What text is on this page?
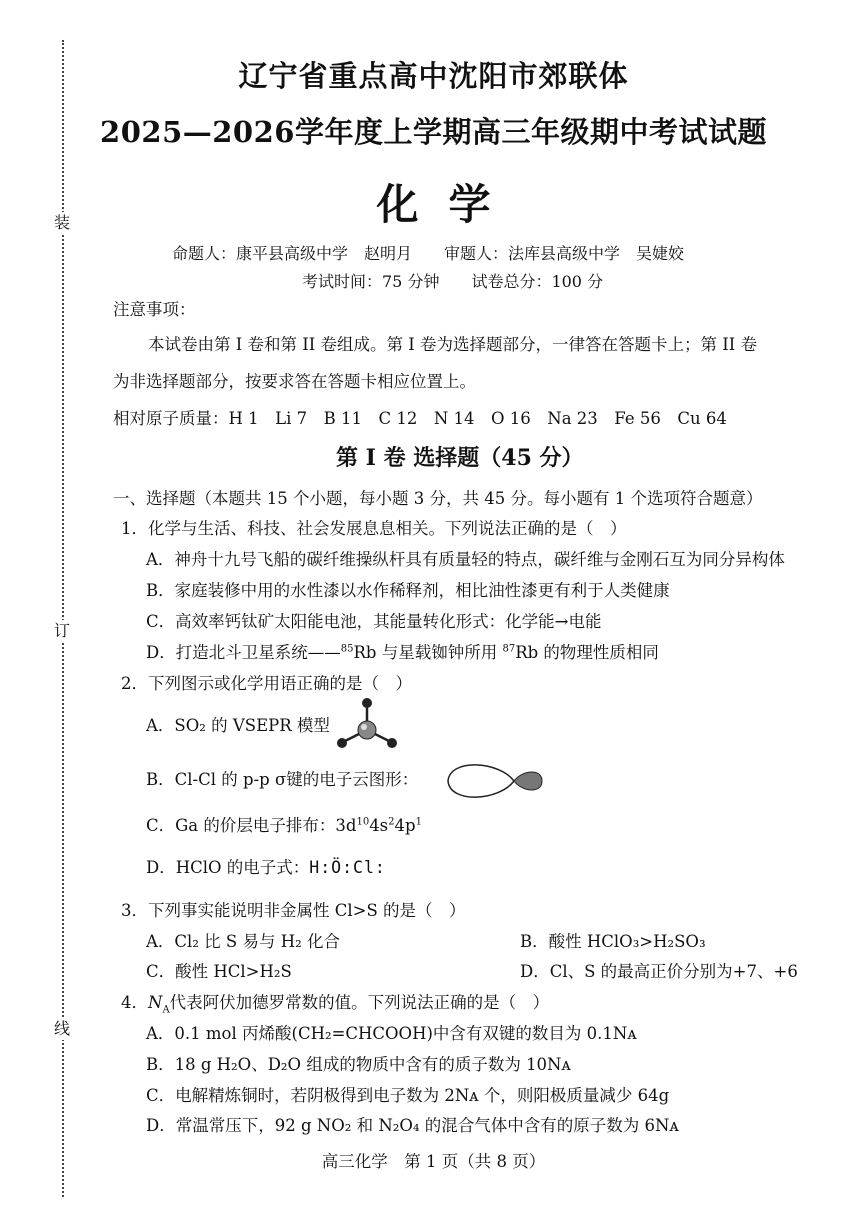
装
订
线
辽宁省重点高中沈阳市郊联体
2025—2026学年度上学期高三年级期中考试试题
化学
命题人：康平县高级中学　赵明月　　审题人：法库县高级中学　吴婕姣
考试时间：75 分钟　　试卷总分：100 分
注意事项：
本试卷由第 I 卷和第 II 卷组成。第 I 卷为选择题部分，一律答在答题卡上；第 II 卷
为非选择题部分，按要求答在答题卡相应位置上。
相对原子质量：H 1　Li 7　B 11　C 12　N 14　O 16　Na 23　Fe 56　Cu 64
第 I 卷 选择题（45 分）
一、选择题（本题共 15 个小题，每小题 3 分，共 45 分。每小题有 1 个选项符合题意）
1．化学与生活、科技、社会发展息息相关。下列说法正确的是（　）
A．神舟十九号飞船的碳纤维操纵杆具有质量轻的特点，碳纤维与金刚石互为同分异构体
B．家庭装修中用的水性漆以水作稀释剂，相比油性漆更有利于人类健康
C．高效率钙钛矿太阳能电池，其能量转化形式：化学能→电能
D．打造北斗卫星系统——$^{85}$Rb 与星载铷钟所用 $^{87}$Rb 的物理性质相同
2．下列图示或化学用语正确的是（　）
A．SO₂ 的 VSEPR 模型
B．Cl-Cl 的 p-p σ键的电子云图形：
C．Ga 的价层电子排布：$3d^{10}4s^24p^1$
D．HClO 的电子式：H:Ö:Cl:
3．下列事实能说明非金属性 Cl>S 的是（　）
A．Cl₂ 比 S 易与 H₂ 化合	B．酸性 HClO₃>H₂SO₃
C．酸性 HCl>H₂S	D．Cl、S 的最高正价分别为+7、+6
4．$N_A$代表阿伏加德罗常数的值。下列说法正确的是（　）
A．0.1 mol 丙烯酸(CH₂=CHCOOH)中含有双键的数目为 0.1Nᴀ
B．18 g H₂O、D₂O 组成的物质中含有的质子数为 10Nᴀ
C．电解精炼铜时，若阴极得到电子数为 2Nᴀ 个，则阳极质量减少 64g
D．常温常压下，92 g NO₂ 和 N₂O₄ 的混合气体中含有的原子数为 6Nᴀ
高三化学　第 1 页（共 8 页）
